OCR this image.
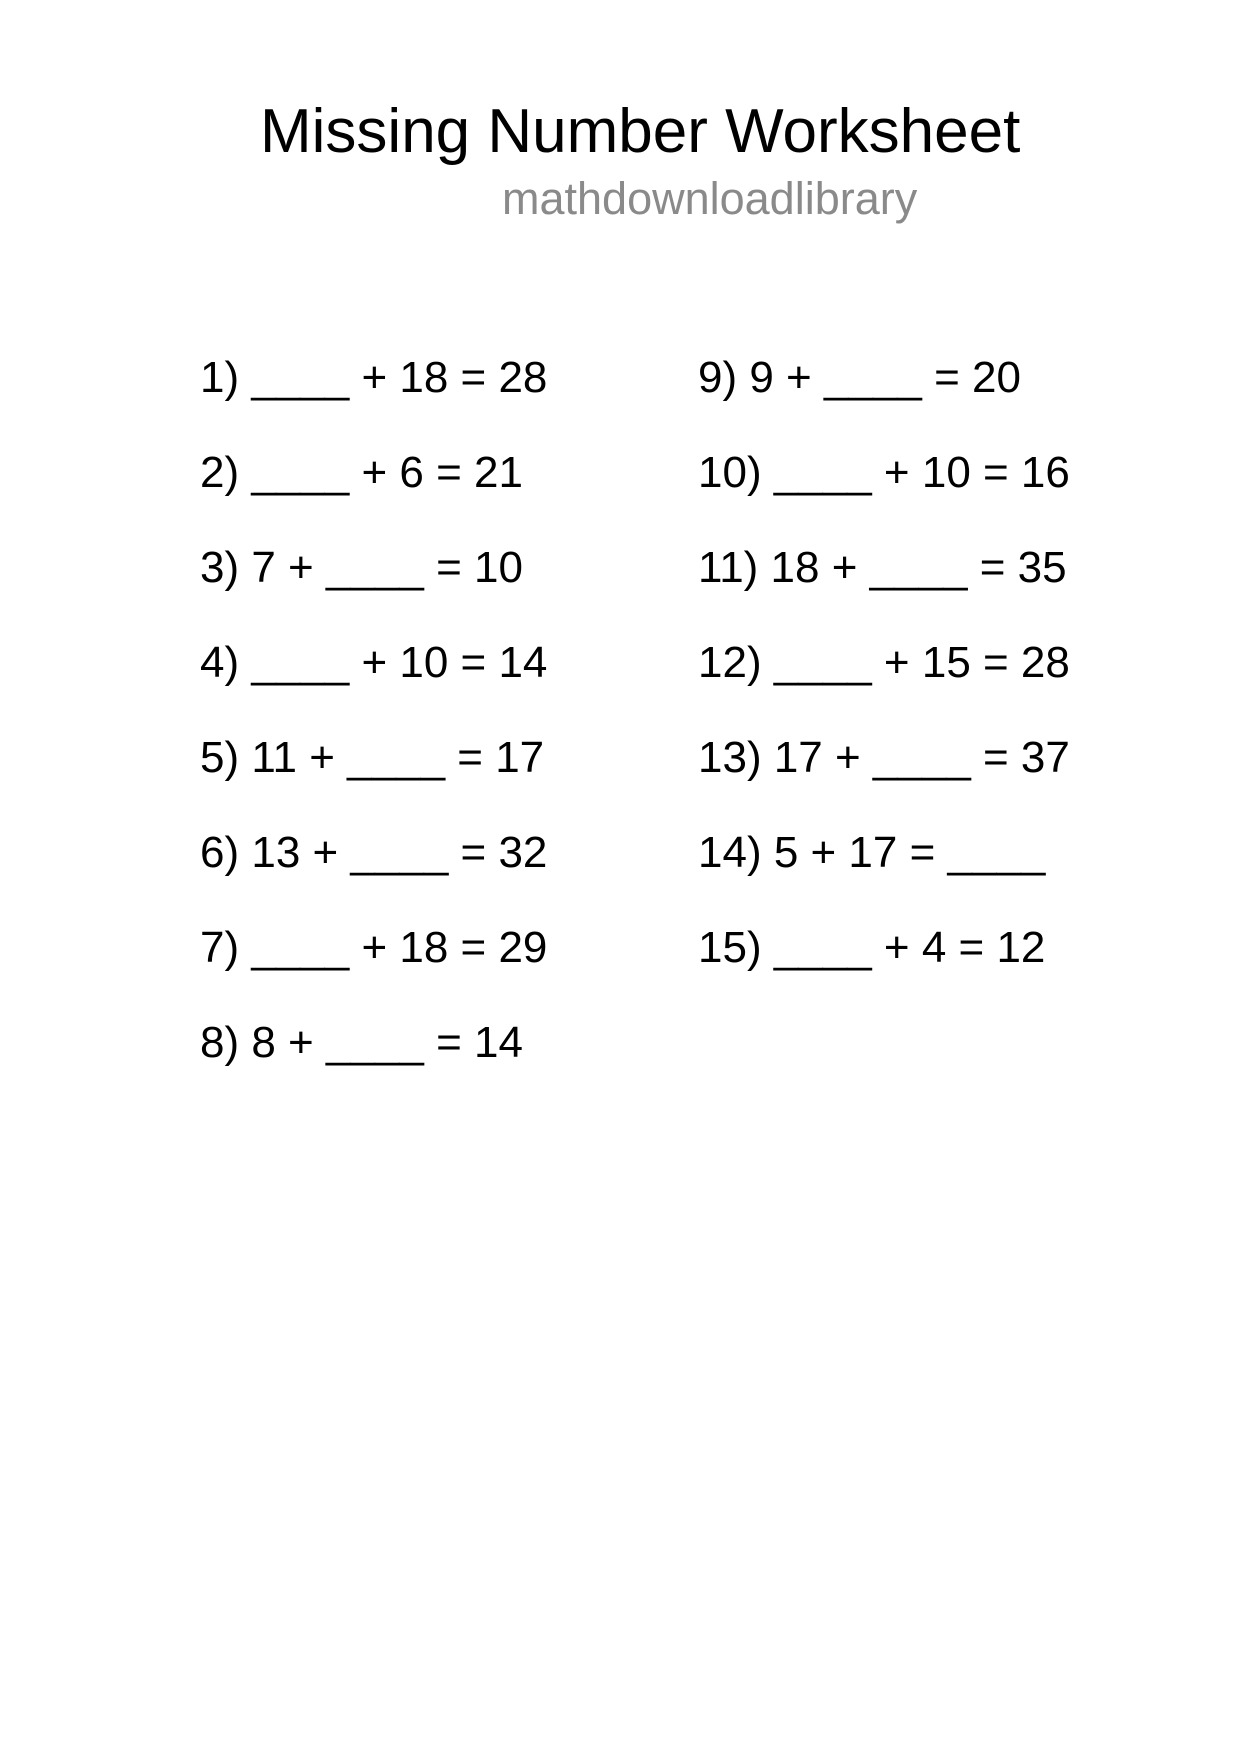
Missing Number Worksheet
mathdownloadlibrary

1) ____ + 18 = 28

2) ____ + 6 = 21

3) 7 + ____ = 10

4) ____ + 10 = 14

5) 11 + ____ = 17

6) 13 + ____ = 32

7) ____ + 18 = 29

8) 8 + ____ = 14

9) 9 + ____ = 20

10) ____ + 10 = 16

11) 18 + ____ = 35

12) ____ + 15 = 28

13) 17 + ____ = 37

14) 5 + 17 = ____

15) ____ + 4 = 12
